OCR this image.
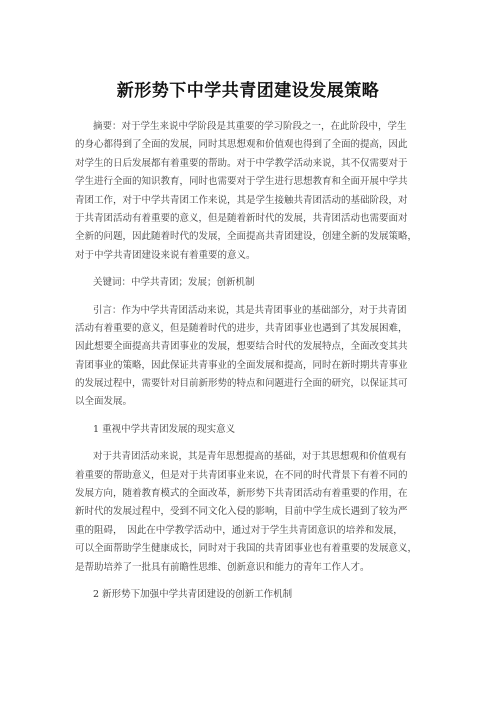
新形势下中学共青团建设发展策略
摘要：对于学生来说中学阶段是其重要的学习阶段之一，在此阶段中，学生
的身心都得到了全面的发展，同时其思想观和价值观也得到了全面的提高，因此
对学生的日后发展都有着重要的帮助。对于中学教学活动来说，其不仅需要对于
学生进行全面的知识教育，同时也需要对于学生进行思想教育和全面开展中学共
青团工作，对于中学共青团工作来说，其是学生接触共青团活动的基础阶段，对
于共青团活动有着重要的意义，但是随着新时代的发展，共青团活动也需要面对
全新的问题，因此随着时代的发展，全面提高共青团建设，创建全新的发展策略，
对于中学共青团建设来说有着重要的意义。
关键词：中学共青团；发展；创新机制
引言：作为中学共青团活动来说，其是共青团事业的基础部分，对于共青团
活动有着重要的意义，但是随着时代的进步，共青团事业也遇到了其发展困难，
因此想要全面提高共青团事业的发展，想要结合时代的发展特点，全面改变其共
青团事业的策略，因此保证共青事业的全面发展和提高，同时在新时期共青事业
的发展过程中，需要针对目前新形势的特点和问题进行全面的研究，以保证其可
以全面发展。
1 重视中学共青团发展的现实意义
对于共青团活动来说，其是青年思想提高的基础，对于其思想观和价值观有
着重要的帮助意义，但是对于共青团事业来说，在不同的时代背景下有着不同的
发展方向，随着教育模式的全面改革，新形势下共青团活动有着重要的作用，在
新时代的发展过程中，受到不同文化入侵的影响，目前中学生成长遇到了较为严
重的阻碍，　因此在中学教学活动中，通过对于学生共青团意识的培养和发展，
可以全面帮助学生健康成长，同时对于我国的共青团事业也有着重要的发展意义，
是帮助培养了一批具有前瞻性思维、创新意识和能力的青年工作人才。
2 新形势下加强中学共青团建设的创新工作机制
